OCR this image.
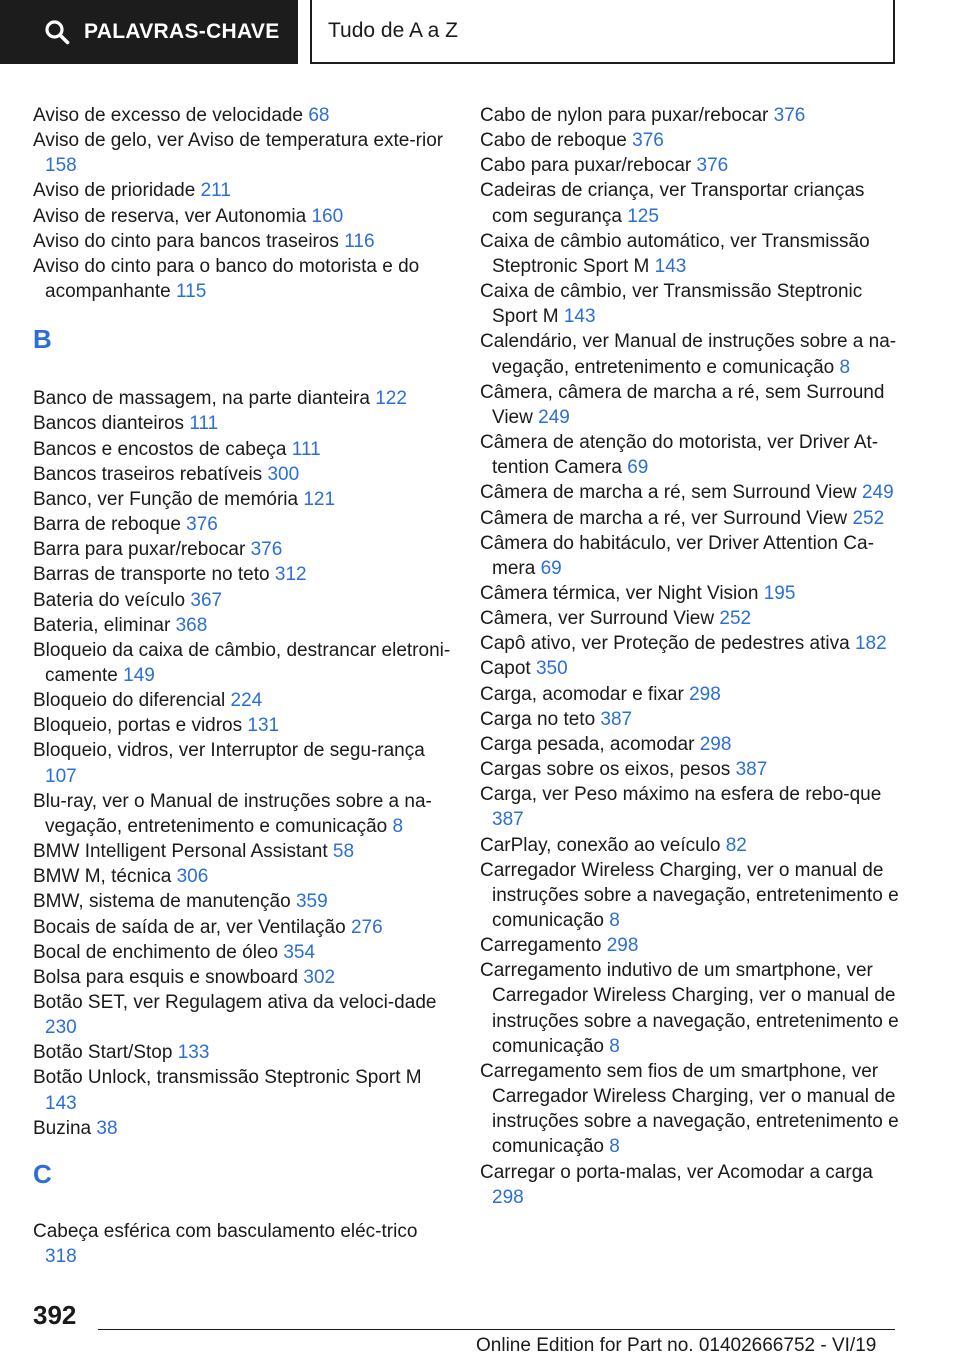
PALAVRAS-CHAVE Tudo de A a Z

Aviso de excesso de velocidade 68

Aviso de gelo, ver Aviso de temperatura exte-rior 158

Aviso de prioridade 211

Aviso de reserva, ver Autonomia 160

Aviso do cinto para bancos traseiros 116

Aviso do cinto para o banco do motorista e do acompanhante 115

B

Banco de massagem, na parte dianteira 122

Bancos dianteiros 111

Bancos e encostos de cabeça 111

Bancos traseiros rebatíveis 300

Banco, ver Função de memória 121

Barra de reboque 376

Barra para puxar/rebocar 376

Barras de transporte no teto 312

Bateria do veículo 367

Bateria, eliminar 368

Bloqueio da caixa de câmbio, destrancar eletroni-camente 149

Bloqueio do diferencial 224

Bloqueio, portas e vidros 131

Bloqueio, vidros, ver Interruptor de segu-rança 107

Blu-ray, ver o Manual de instruções sobre a na-vegação, entretenimento e comunicação 8

BMW Intelligent Personal Assistant 58

BMW M, técnica 306

BMW, sistema de manutenção 359

Bocais de saída de ar, ver Ventilação 276

Bocal de enchimento de óleo 354

Bolsa para esquis e snowboard 302

Botão SET, ver Regulagem ativa da veloci-dade 230

Botão Start/Stop 133

Botão Unlock, transmissão Steptronic Sport M 143

Buzina 38

C

Cabeça esférica com basculamento eléc-trico 318

Cabo de nylon para puxar/rebocar 376

Cabo de reboque 376

Cabo para puxar/rebocar 376

Cadeiras de criança, ver Transportar crianças com segurança 125

Caixa de câmbio automático, ver Transmissão Steptronic Sport M 143

Caixa de câmbio, ver Transmissão Steptronic Sport M 143

Calendário, ver Manual de instruções sobre a na-vegação, entretenimento e comunicação 8

Câmera, câmera de marcha a ré, sem Surround View 249

Câmera de atenção do motorista, ver Driver At-tention Camera 69

Câmera de marcha a ré, sem Surround View 249

Câmera de marcha a ré, ver Surround View 252

Câmera do habitáculo, ver Driver Attention Ca-mera 69

Câmera térmica, ver Night Vision 195

Câmera, ver Surround View 252

Capô ativo, ver Proteção de pedestres ativa 182

Capot 350

Carga, acomodar e fixar 298

Carga no teto 387

Carga pesada, acomodar 298

Cargas sobre os eixos, pesos 387

Carga, ver Peso máximo na esfera de rebo-que 387

CarPlay, conexão ao veículo 82

Carregador Wireless Charging, ver o manual de instruções sobre a navegação, entretenimento e comunicação 8

Carregamento 298

Carregamento indutivo de um smartphone, ver Carregador Wireless Charging, ver o manual de instruções sobre a navegação, entretenimento e comunicação 8

Carregamento sem fios de um smartphone, ver Carregador Wireless Charging, ver o manual de instruções sobre a navegação, entretenimento e comunicação 8

Carregar o porta-malas, ver Acomodar a carga 298

392
Online Edition for Part no. 01402666752 - VI/19
